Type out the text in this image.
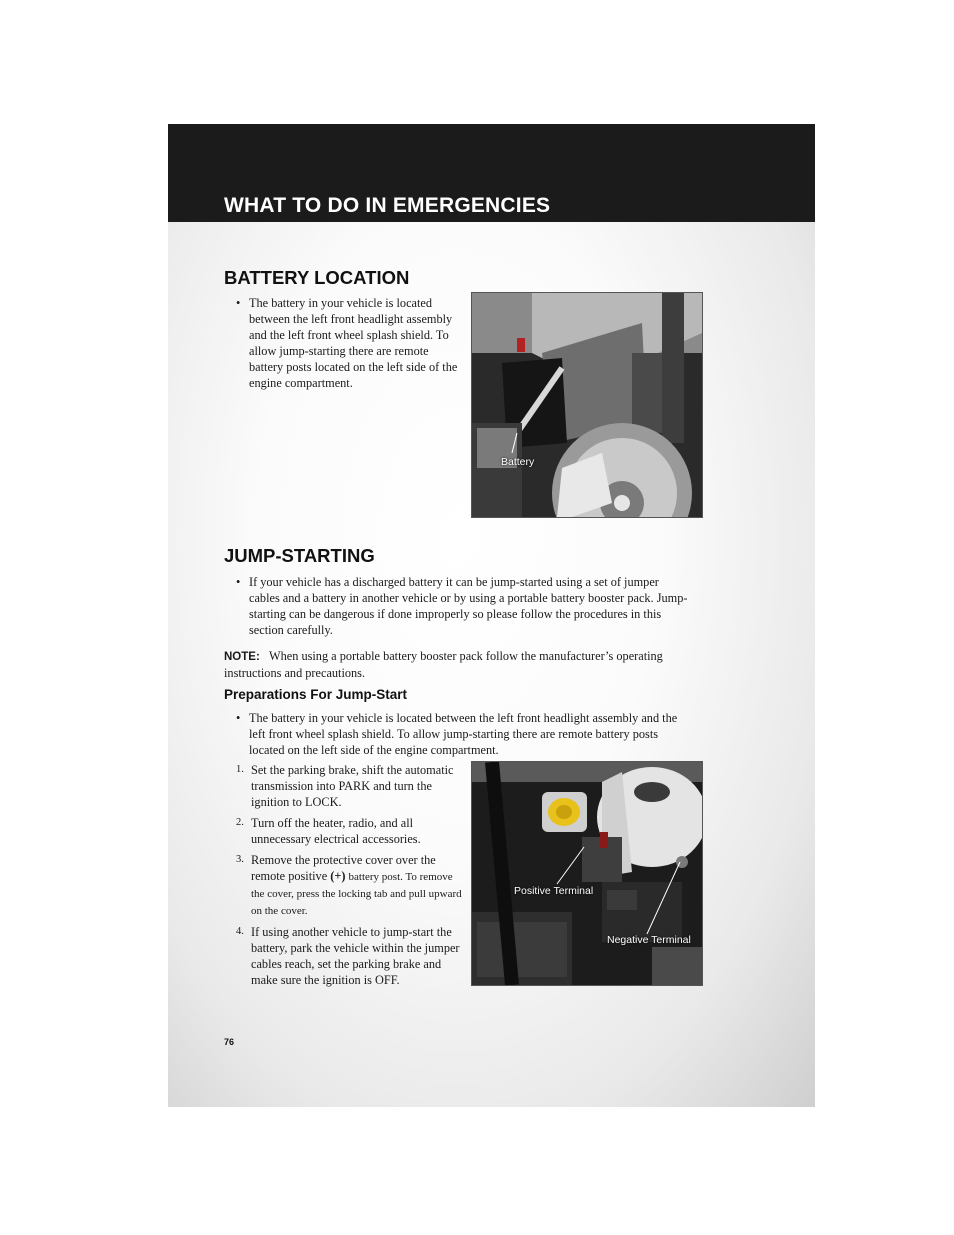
WHAT TO DO IN EMERGENCIES
BATTERY LOCATION
• The battery in your vehicle is located between the left front headlight assembly and the left front wheel splash shield. To allow jump-starting there are remote battery posts located on the left side of the engine compartment.
Battery
JUMP-STARTING
• If your vehicle has a discharged battery it can be jump-started using a set of jumper cables and a battery in another vehicle or by using a portable battery booster pack. Jump-starting can be dangerous if done improperly so please follow the procedures in this section carefully.
NOTE: When using a portable battery booster pack follow the manufacturer’s operating instructions and precautions.
Preparations For Jump-Start
• The battery in your vehicle is located between the left front headlight assembly and the left front wheel splash shield. To allow jump-starting there are remote battery posts located on the left side of the engine compartment.
1. Set the parking brake, shift the automatic transmission into PARK and turn the ignition to LOCK.
2. Turn off the heater, radio, and all unnecessary electrical accessories.
3. Remove the protective cover over the remote positive (+) battery post. To remove the cover, press the locking tab and pull upward on the cover.
4. If using another vehicle to jump-start the battery, park the vehicle within the jumper cables reach, set the parking brake and make sure the ignition is OFF.
Positive Terminal
Negative Terminal
76
